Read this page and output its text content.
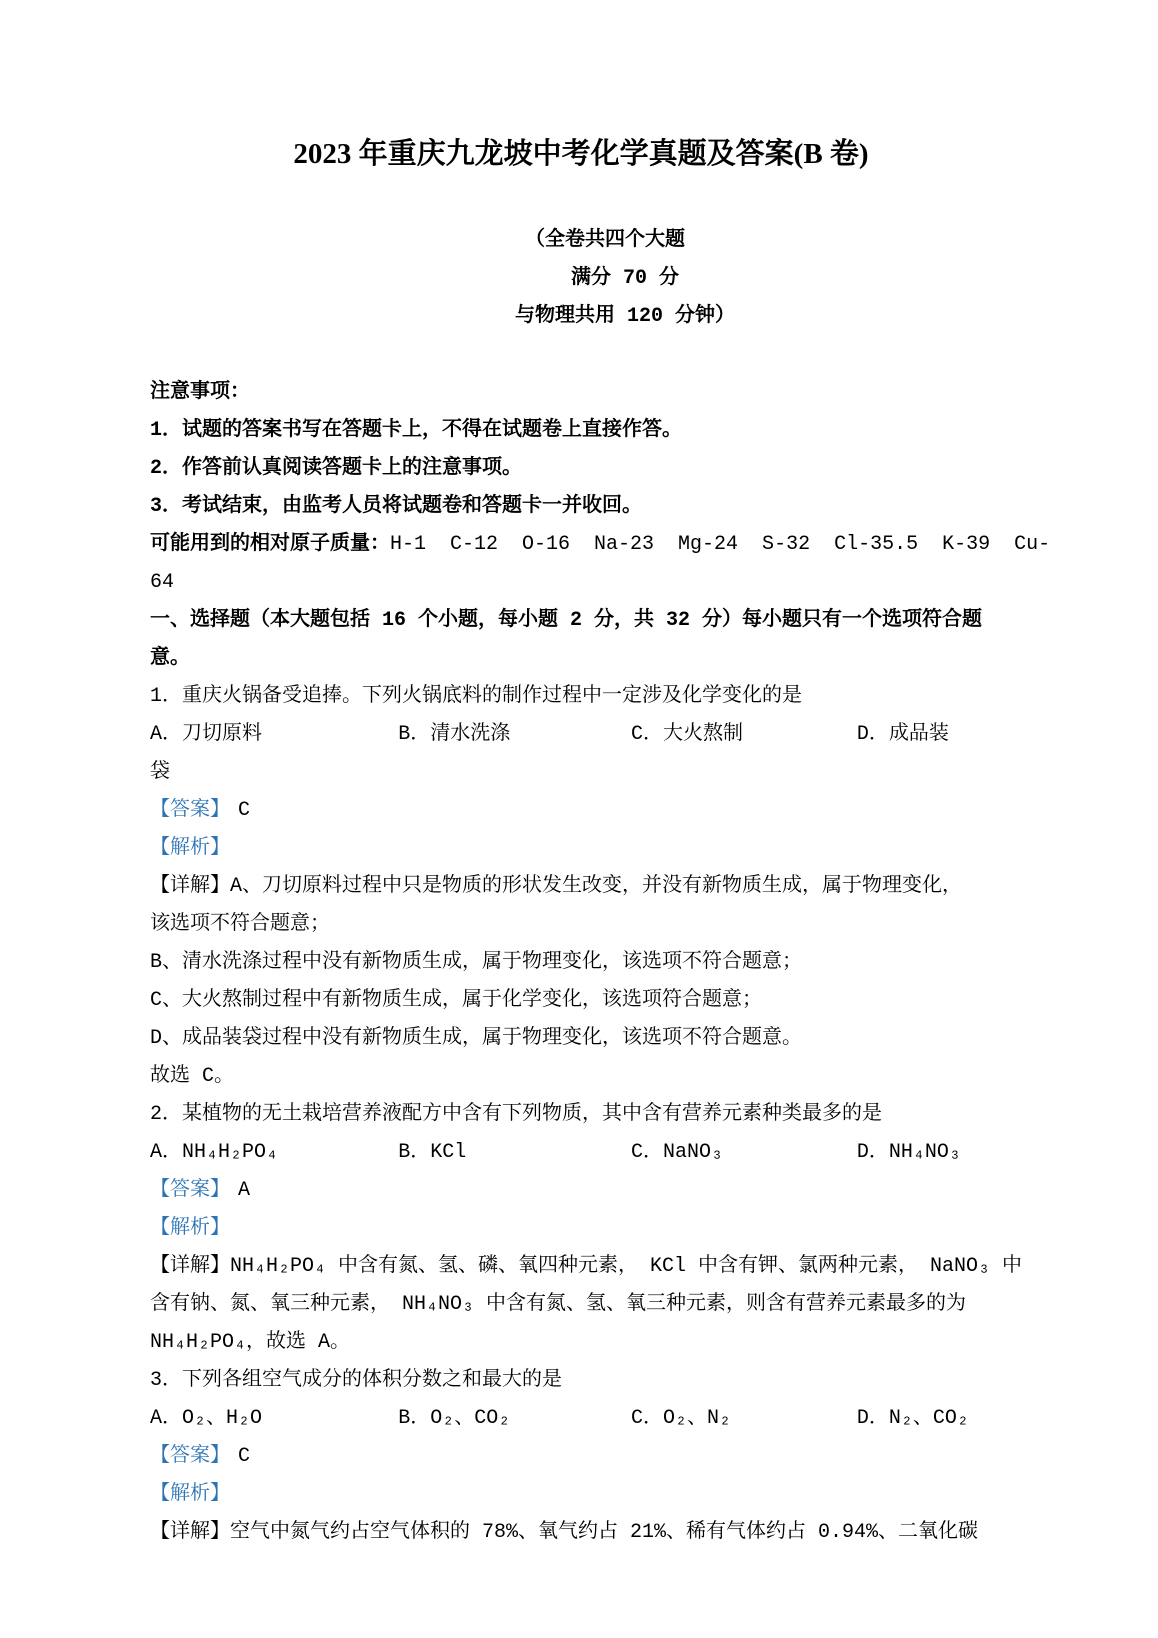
2023 年重庆九龙坡中考化学真题及答案(B 卷)

（全卷共四个大题
满分 70 分
与物理共用 120 分钟）

注意事项：

1．试题的答案书写在答题卡上，不得在试题卷上直接作答。

2．作答前认真阅读答题卡上的注意事项。

3．考试结束，由监考人员将试题卷和答题卡一并收回。

可能用到的相对原子质量：H-1  C-12  O-16  Na-23  Mg-24  S-32  Cl-35.5  K-39  Cu-

64

一、选择题（本大题包括 16 个小题，每小题 2 分，共 32 分）每小题只有一个选项符合题

意。

1．重庆火锅备受追捧。下列火锅底料的制作过程中一定涉及化学变化的是

A．刀切原料	B．清水洗涤	C．大火熬制	D．成品装

袋

【答案】 C

【解析】

【详解】A、刀切原料过程中只是物质的形状发生改变，并没有新物质生成，属于物理变化，

该选项不符合题意；

B、清水洗涤过程中没有新物质生成，属于物理变化，该选项不符合题意；

C、大火熬制过程中有新物质生成，属于化学变化，该选项符合题意；

D、成品装袋过程中没有新物质生成，属于物理变化，该选项不符合题意。

故选 C。

2．某植物的无土栽培营养液配方中含有下列物质，其中含有营养元素种类最多的是

A．NH₄H₂PO₄	B．KCl	C．NaNO₃	D．NH₄NO₃

【答案】 A

【解析】

【详解】NH₄H₂PO₄ 中含有氮、氢、磷、氧四种元素， KCl 中含有钾、氯两种元素， NaNO₃ 中

含有钠、氮、氧三种元素， NH₄NO₃ 中含有氮、氢、氧三种元素，则含有营养元素最多的为

NH₄H₂PO₄，故选 A。

3．下列各组空气成分的体积分数之和最大的是

A．O₂、H₂O	B．O₂、CO₂	C．O₂、N₂	D．N₂、CO₂

【答案】 C

【解析】

【详解】空气中氮气约占空气体积的 78%、氧气约占 21%、稀有气体约占 0.94%、二氧化碳
